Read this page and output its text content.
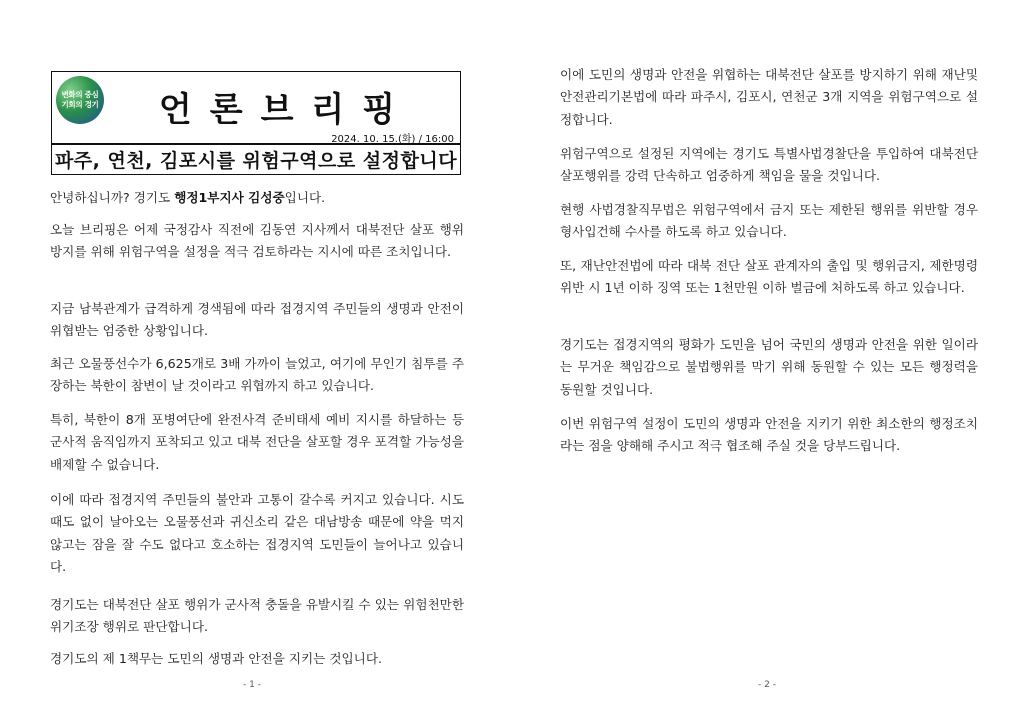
변화의 중심
기회의 경기	언론브리핑
2024. 10. 15.(화) / 16:00
파주, 연천, 김포시를 위험구역으로 설정합니다

안녕하십니까? 경기도 행정1부지사 김성중입니다.

오늘 브리핑은 어제 국정감사 직전에 김동연 지사께서 대북전단 살포 행위 방지를 위해 위험구역을 설정을 적극 검토하라는 지시에 따른 조치입니다.

지금 남북관계가 급격하게 경색됨에 따라 접경지역 주민들의 생명과 안전이 위협받는 엄중한 상황입니다.

최근 오물풍선수가 6,625개로 3배 가까이 늘었고, 여기에 무인기 침투를 주장하는 북한이 참변이 날 것이라고 위협까지 하고 있습니다.

특히, 북한이 8개 포병여단에 완전사격 준비태세 예비 지시를 하달하는 등 군사적 움직임까지 포착되고 있고 대북 전단을 살포할 경우 포격할 가능성을 배제할 수 없습니다.

이에 따라 접경지역 주민들의 불안과 고통이 갈수록 커지고 있습니다. 시도 때도 없이 날아오는 오물풍선과 귀신소리 같은 대남방송 때문에 약을 먹지 않고는 잠을 잘 수도 없다고 호소하는 접경지역 도민들이 늘어나고 있습니다.

경기도는 대북전단 살포 행위가 군사적 충돌을 유발시킬 수 있는 위험천만한 위기조장 행위로 판단합니다.

경기도의 제 1책무는 도민의 생명과 안전을 지키는 것입니다.

- 1 -

이에 도민의 생명과 안전을 위협하는 대북전단 살포를 방지하기 위해 재난및안전관리기본법에 따라 파주시, 김포시, 연천군 3개 지역을 위험구역으로 설정합니다.

위험구역으로 설정된 지역에는 경기도 특별사법경찰단을 투입하여 대북전단 살포행위를 강력 단속하고 엄중하게 책임을 물을 것입니다.

현행 사법경찰직무법은 위험구역에서 금지 또는 제한된 행위를 위반할 경우 형사입건해 수사를 하도록 하고 있습니다.

또, 재난안전법에 따라 대북 전단 살포 관계자의 출입 및 행위금지, 제한명령 위반 시 1년 이하 징역 또는 1천만원 이하 벌금에 처하도록 하고 있습니다.

경기도는 접경지역의 평화가 도민을 넘어 국민의 생명과 안전을 위한 일이라는 무거운 책임감으로 불법행위를 막기 위해 동원할 수 있는 모든 행정력을 동원할 것입니다.

이번 위험구역 설정이 도민의 생명과 안전을 지키기 위한 최소한의 행정조치라는 점을 양해해 주시고 적극 협조해 주실 것을 당부드립니다.

- 2 -
